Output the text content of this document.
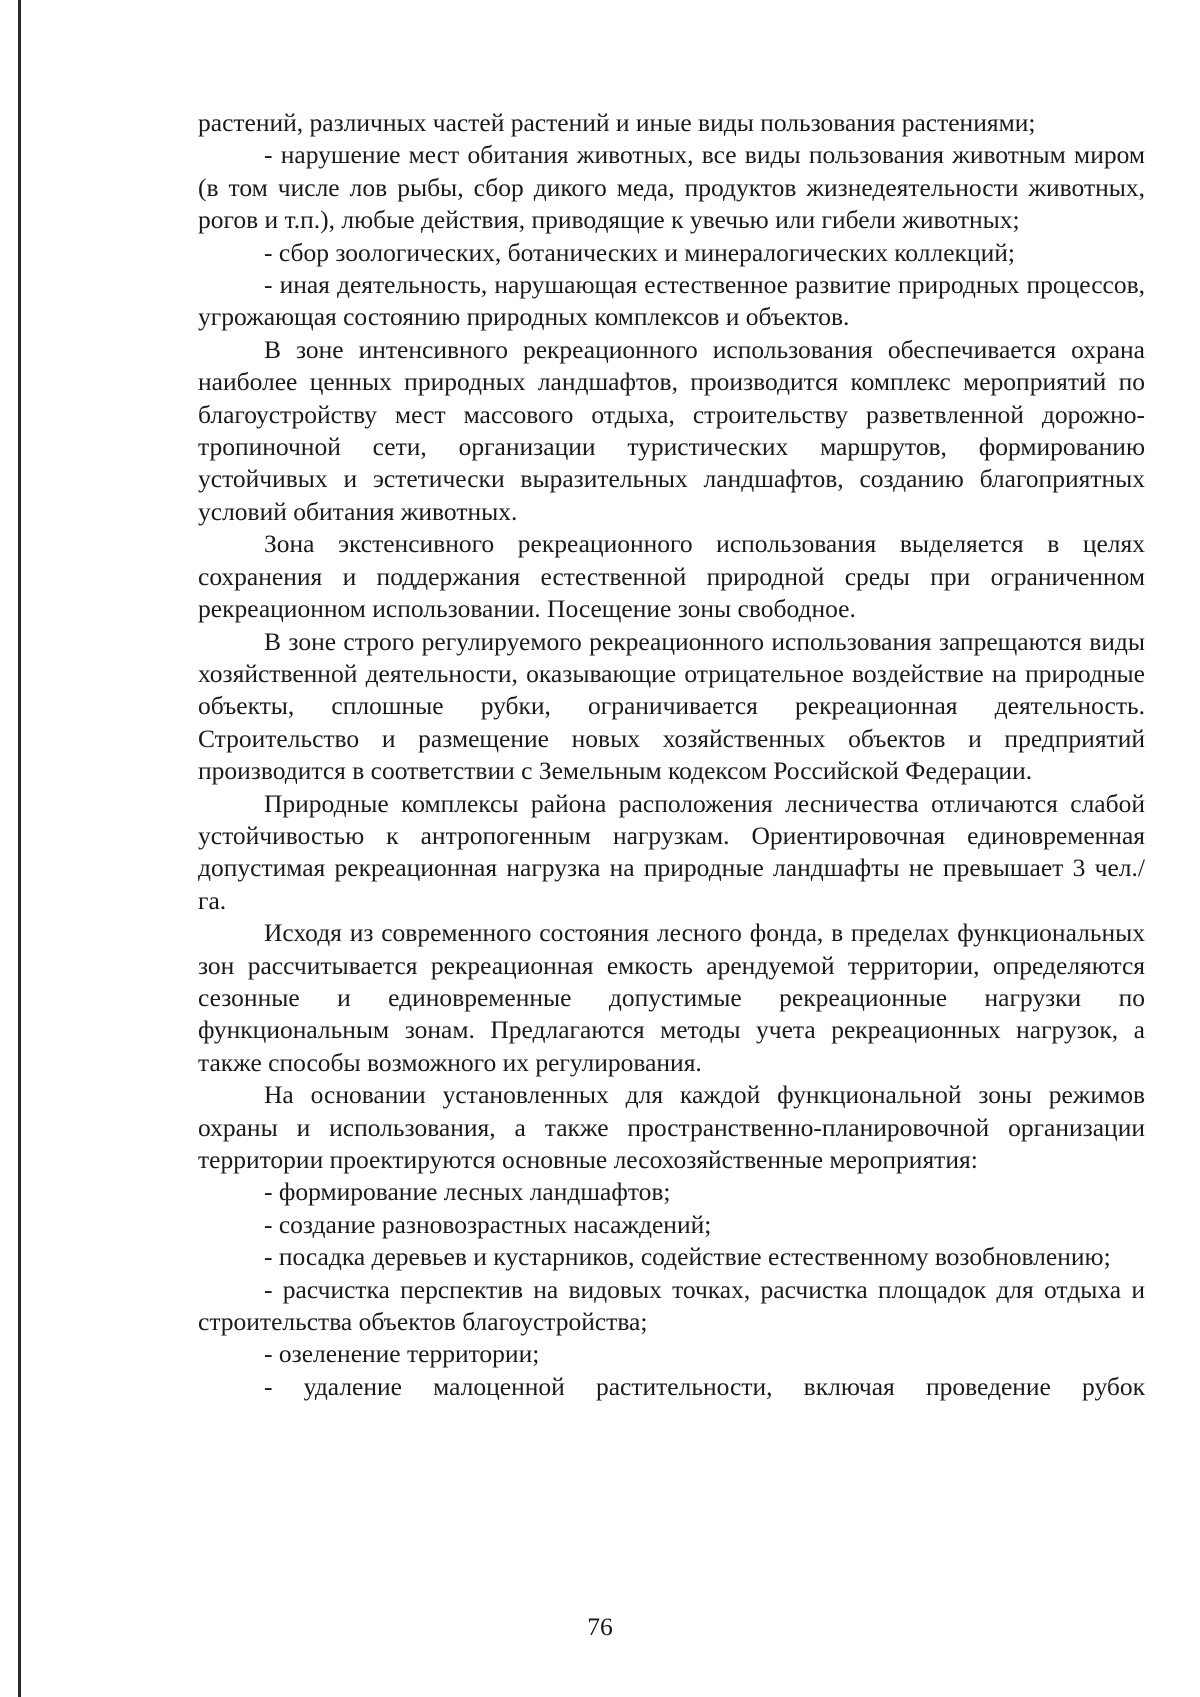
растений, различных частей растений и иные виды пользования растениями;

- нарушение мест обитания животных, все виды пользования животным миром (в том числе лов рыбы, сбор дикого меда, продуктов жизнедеятельности животных, рогов и т.п.), любые действия, приводящие к увечью или гибели животных;

- сбор зоологических, ботанических и минералогических коллекций;

- иная деятельность, нарушающая естественное развитие природных процессов, угрожающая состоянию природных комплексов и объектов.

В зоне интенсивного рекреационного использования обеспечивается охрана наиболее ценных природных ландшафтов, производится комплекс мероприятий по благоустройству мест массового отдыха, строительству разветвленной дорожно-тропиночной сети, организации туристических маршрутов, формированию устойчивых и эстетически выразительных ландшафтов, созданию благоприятных условий обитания животных.

Зона экстенсивного рекреационного использования выделяется в целях сохранения и поддержания естественной природной среды при ограниченном рекреационном использовании. Посещение зоны свободное.

В зоне строго регулируемого рекреационного использования запрещаются виды хозяйственной деятельности, оказывающие отрицательное воздействие на природные объекты, сплошные рубки, ограничивается рекреационная деятельность. Строительство и размещение новых хозяйственных объектов и предприятий производится в соответствии с Земельным кодексом Российской Федерации.

Природные комплексы района расположения лесничества отличаются слабой устойчивостью к антропогенным нагрузкам. Ориентировочная единовременная допустимая рекреационная нагрузка на природные ландшафты не превышает 3 чел./га.

Исходя из современного состояния лесного фонда, в пределах функциональных зон рассчитывается рекреационная емкость арендуемой территории, определяются сезонные и единовременные допустимые рекреационные нагрузки по функциональным зонам. Предлагаются методы учета рекреационных нагрузок, а также способы возможного их регулирования.

На основании установленных для каждой функциональной зоны режимов охраны и использования, а также пространственно-планировочной организации территории проектируются основные лесохозяйственные мероприятия:

- формирование лесных ландшафтов;

- создание разновозрастных насаждений;

- посадка деревьев и кустарников, содействие естественному возобновлению;

- расчистка перспектив на видовых точках, расчистка площадок для отдыха и строительства объектов благоустройства;

- озеленение территории;

- удаление малоценной растительности, включая проведение рубок

76
